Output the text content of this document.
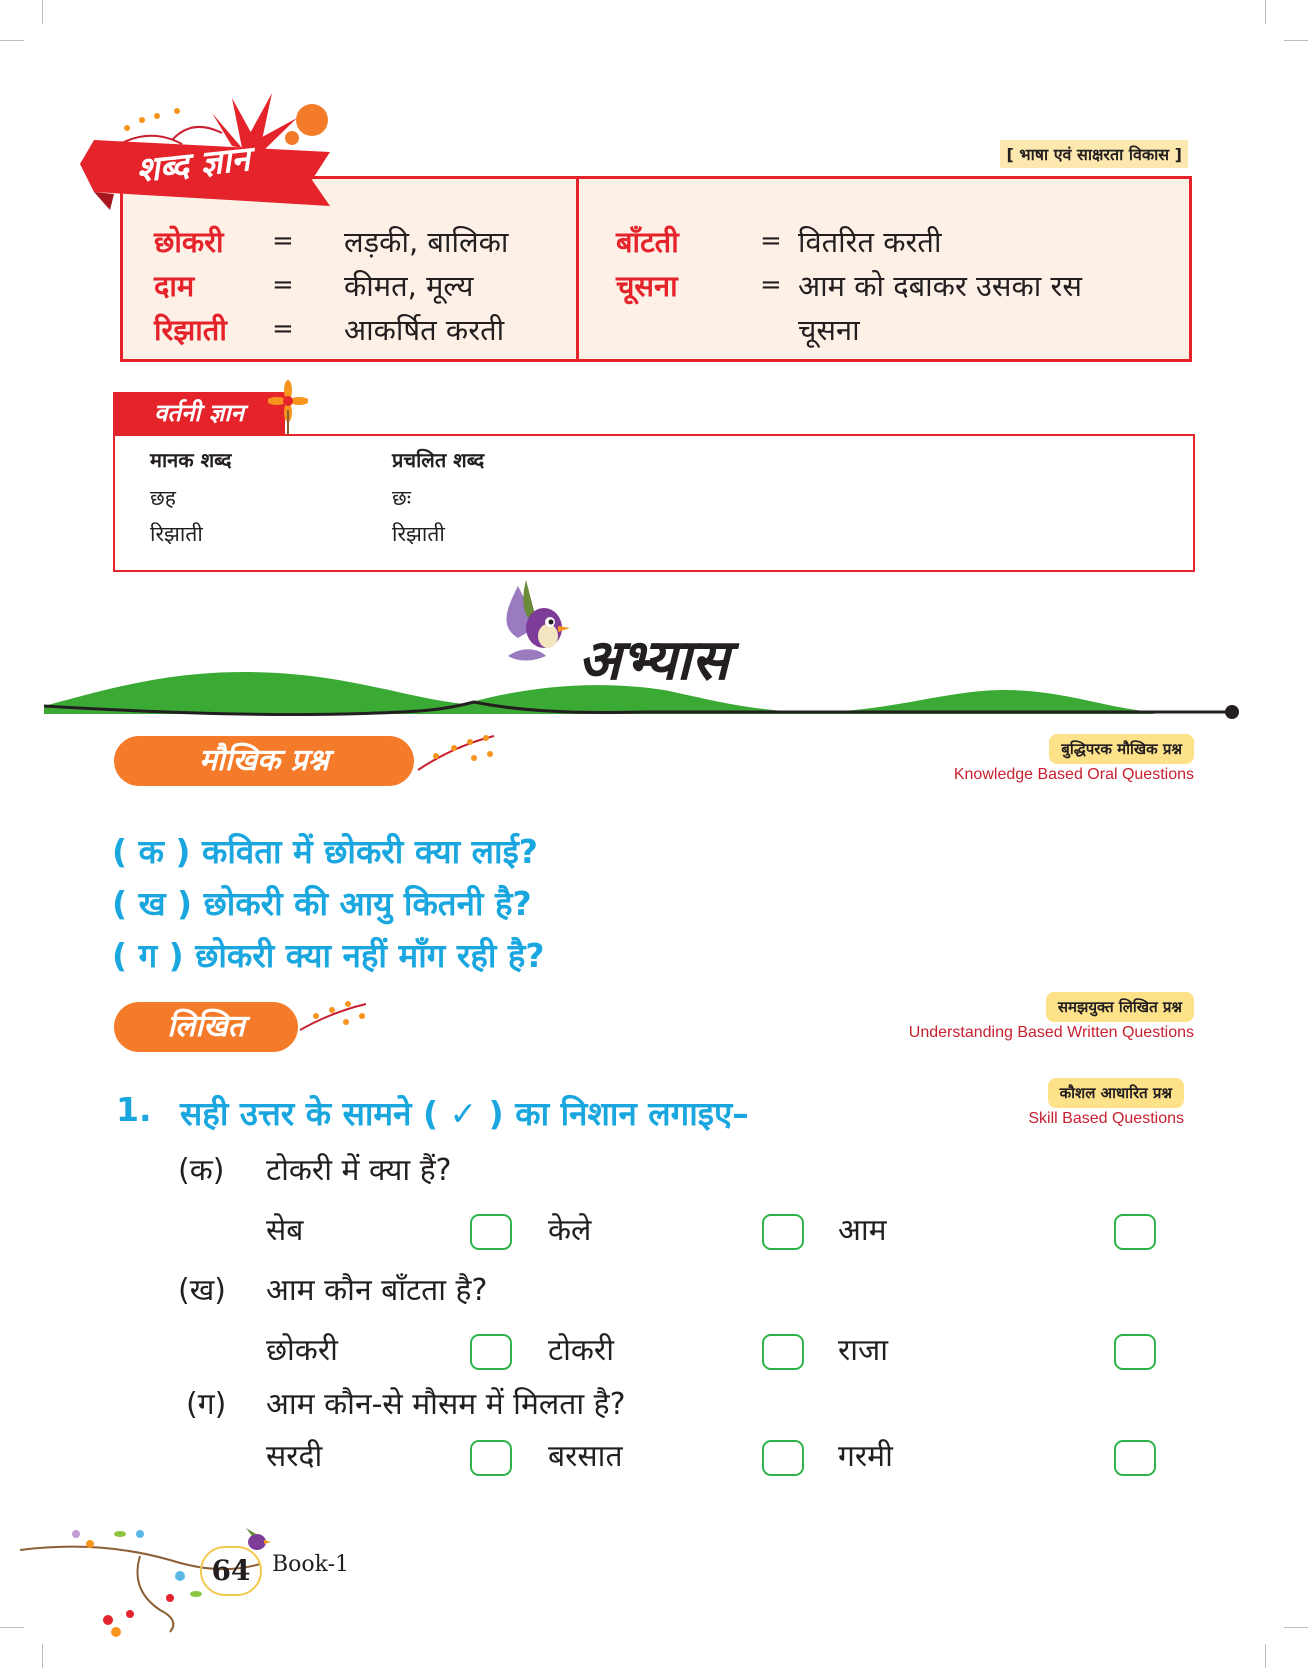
शब्द ज्ञान	[ भाषा एवं साक्षरता विकास ]
छोकरी = लड़की, बालिका
दाम	= कीमत, मूल्य
रिझाती = आकर्षित करती
बाँटती	= वितरित करती
चूसना	= आम को दबाकर उसका रस
चूसना
वर्तनी ज्ञान
मानक शब्द	प्रचलित शब्द
छह	छः
रिझाती	रिझाती
अभ्यास
मौखिक प्रश्न	बुद्धिपरक मौखिक प्रश्न
Knowledge Based Oral Questions
( क ) कविता में छोकरी क्या लाई?
( ख ) छोकरी की आयु कितनी है?
( ग ) छोकरी क्या नहीं माँग रही है?
लिखित
समझयुक्त लिखित प्रश्न
Understanding Based Written Questions
कौशल आधारित प्रश्न
Skill Based Questions
1. सही उत्तर के सामने ( ✓ ) का निशान लगाइए–
(क) टोकरी में क्या हैं?
सेब	केले	आम
(ख) आम कौन बाँटता है?
छोकरी	टोकरी	राजा
(ग) आम कौन-से मौसम में मिलता है?
सरदी	बरसात	गरमी
64 Book-1
